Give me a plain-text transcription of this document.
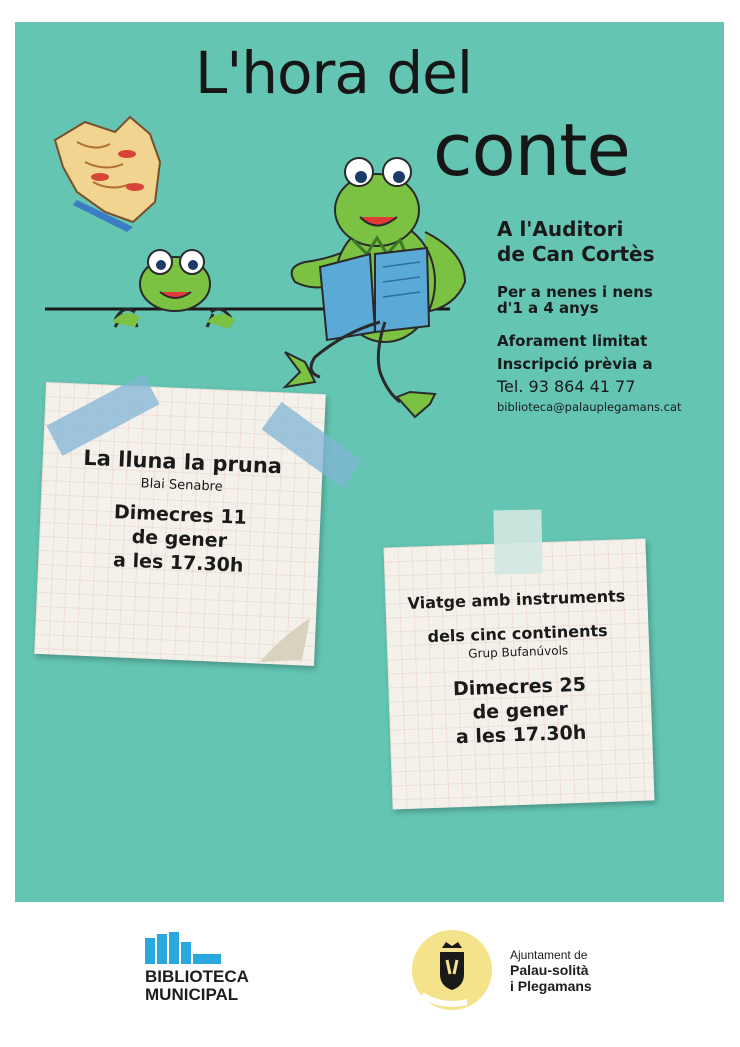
L'hora del
conte
A l'Auditori
de Can Cortès
Per a nenes i nens
d'1 a 4 anys
Aforament limitat
Inscripció prèvia a
Tel. 93 864 41 77
biblioteca@palauplegamans.cat
La lluna la pruna
Blai Senabre
Dimecres 11
de gener
a les 17.30h
Viatge amb instruments
dels cinc continents
Grup Bufanúvols
Dimecres 25
de gener
a les 17.30h
BIBLIOTECA
MUNICIPAL
Ajuntament de
Palau-solità
i Plegamans
